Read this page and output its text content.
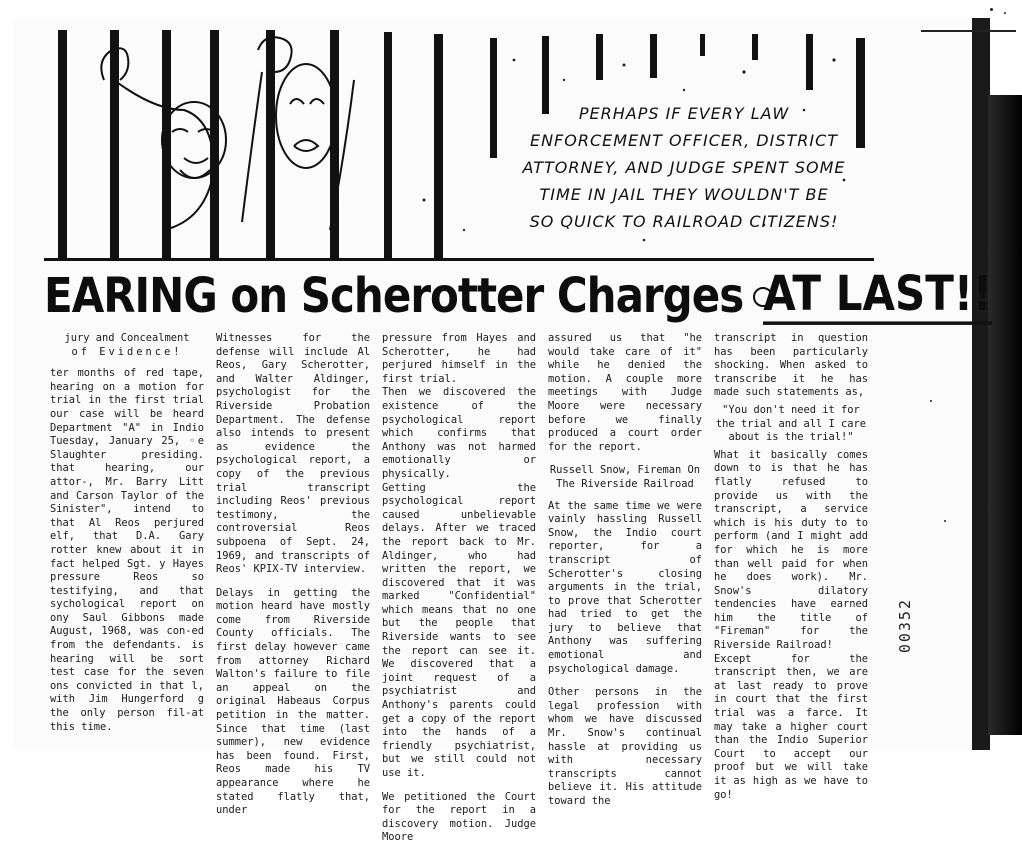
PERHAPS IF EVERY LAW
ENFORCEMENT OFFICER, DISTRICT
ATTORNEY, AND JUDGE SPENT SOME
TIME IN JAIL THEY WOULDN'T BE
SO QUICK TO RAILROAD CITIZENS!
EARING on Scherotter Charges AT LAST!!

jury and Concealment

of Evidence!

ter months of red tape, hearing on a motion for trial in the first trial our case will be heard Department "A" in Indio Tuesday, January 25, ◦e Slaughter presiding. that hearing, our attor-, Mr. Barry Litt and Carson Taylor of the Sinister", intend to that Al Reos perjured elf, that D.A. Gary rotter knew about it in fact helped Sgt. y Hayes pressure Reos so testifying, and that sychological report on ony Saul Gibbons made August, 1968, was con-ed from the defendants. is hearing will be sort test case for the seven ons convicted in that l, with Jim Hungerford g the only person fil-at this time.

Witnesses for the defense will include Al Reos, Gary Scherotter, and Walter Aldinger, psychologist for the Riverside Probation Department. The defense also intends to present as evidence the psychological report, a copy of the previous trial transcript including Reos' previous testimony, the controversial Reos subpoena of Sept. 24, 1969, and transcripts of Reos' KPIX-TV interview.

Delays in getting the motion heard have mostly come from Riverside County officials. The first delay however came from attorney Richard Walton's failure to file an appeal on the original Habeaus Corpus petition in the matter. Since that time (last summer), new evidence has been found. First, Reos made his TV appearance where he stated flatly that, under

pressure from Hayes and Scherotter, he had perjured himself in the first trial.

Then we discovered the existence of the psychological report which confirms that Anthony was not harmed emotionally or physically.

Getting the psychological report caused unbelievable delays. After we traced the report back to Mr. Aldinger, who had written the report, we discovered that it was marked "Confidential" which means that no one but the people that Riverside wants to see the report can see it. We discovered that a joint request of a psychiatrist and Anthony's parents could get a copy of the report into the hands of a friendly psychiatrist, but we still could not use it.

We petitioned the Court for the report in a discovery motion. Judge Moore

assured us that "he would take care of it" while he denied the motion. A couple more meetings with Judge Moore were necessary before we finally produced a court order for the report.

Russell Snow, Fireman On The Riverside Railroad

At the same time we were vainly hassling Russell Snow, the Indio court reporter, for a transcript of Scherotter's closing arguments in the trial, to prove that Scherotter had tried to get the jury to believe that Anthony was suffering emotional and psychological damage.

Other persons in the legal profession with whom we have discussed Mr. Snow's continual hassle at providing us with necessary transcripts cannot believe it. His attitude toward the

transcript in question has been particularly shocking. When asked to transcribe it he has made such statements as,

"You don't need it for the trial and all I care about is the trial!"

What it basically comes down to is that he has flatly refused to provide us with the transcript, a service which is his duty to to perform (and I might add for which he is more than well paid for when he does work). Mr. Snow's dilatory tendencies have earned him the title of "Fireman" for the Riverside Railroad!

Except for the transcript then, we are at last ready to prove in court that the first trial was a farce. It may take a higher court than the Indio Superior Court to accept our proof but we will take it as high as we have to go!

00352
